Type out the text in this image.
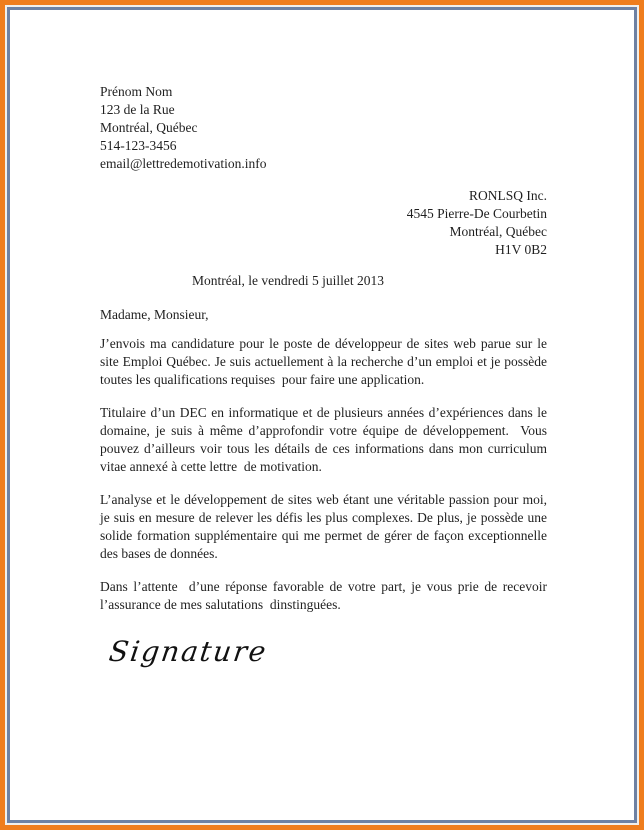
Prénom Nom
123 de la Rue
Montréal, Québec
514-123-3456
email@lettredemotivation.info
RONLSQ Inc.
4545 Pierre-De Courbetin
Montréal, Québec
H1V 0B2
Montréal, le vendredi 5 juillet 2013
Madame, Monsieur,

J’envois ma candidature pour le poste de développeur de sites web parue sur le site Emploi Québec. Je suis actuellement à la recherche d’un emploi et je possède toutes les qualifications requises  pour faire une application.

Titulaire d’un DEC en informatique et de plusieurs années d’expériences dans le domaine, je suis à même d’approfondir votre équipe de développement.  Vous pouvez d’ailleurs voir tous les détails de ces informations dans mon curriculum vitae annexé à cette lettre  de motivation.

L’analyse et le développement de sites web étant une véritable passion pour moi, je suis en mesure de relever les défis les plus complexes. De plus, je possède une solide formation supplémentaire qui me permet de gérer de façon exceptionnelle des bases de données.

Dans l’attente  d’une réponse favorable de votre part, je vous prie de recevoir l’assurance de mes salutations  dinstinguées.

Signature
